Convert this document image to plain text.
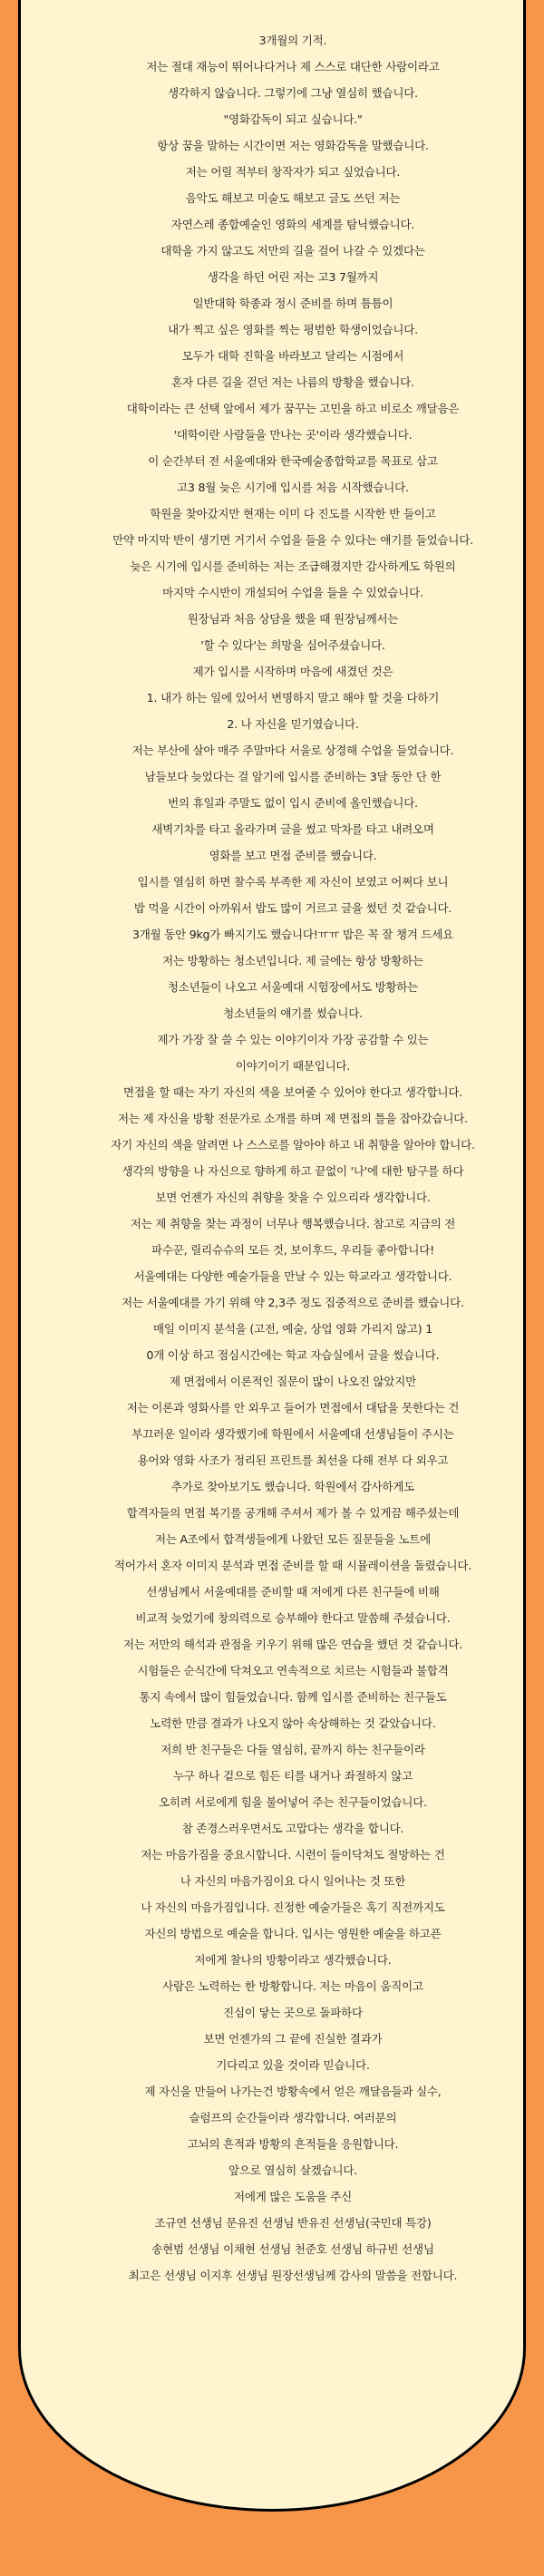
3개월의 기적.

저는 절대 재능이 뛰어나다거나 제 스스로 대단한 사람이라고

생각하지 않습니다. 그렇기에 그냥 열심히 했습니다.

"영화감독이 되고 싶습니다."

항상 꿈을 말하는 시간이면 저는 영화감독을 말했습니다.

저는 어릴 적부터 창작자가 되고 싶었습니다.

음악도 해보고 미술도 해보고 글도 쓰던 저는

자연스레 종합예술인 영화의 세계를 탐닉했습니다.

대학을 가지 않고도 저만의 길을 걸어 나갈 수 있겠다는

생각을 하던 어린 저는 고3 7월까지

일반대학 학종과 정시 준비를 하며 틈틈이

내가 찍고 싶은 영화를 찍는 평범한 학생이었습니다.

모두가 대학 진학을 바라보고 달리는 시점에서

혼자 다른 길을 걷던 저는 나름의 방황을 했습니다.

대학이라는 큰 선택 앞에서 제가 꿈꾸는 고민을 하고 비로소 깨달음은

'대학이란 사람들을 만나는 곳'이라 생각했습니다.

이 순간부터 전 서울예대와 한국예술종합학교를 목표로 삼고

고3 8월 늦은 시기에 입시를 처음 시작했습니다.

학원을 찾아갔지만 현재는 이미 다 진도를 시작한 반 들이고

만약 마지막 반이 생기면 거기서 수업을 들을 수 있다는 얘기를 들었습니다.

늦은 시기에 입시를 준비하는 저는 조급해졌지만 감사하게도 학원의

마지막 수시반이 개설되어 수업을 들을 수 있었습니다.

원장님과 처음 상담을 했을 때 원장님께서는

'할 수 있다'는 희망을 심어주셨습니다.

제가 입시를 시작하며 마음에 새겼던 것은

1. 내가 하는 일에 있어서 변명하지 말고 해야 할 것을 다하기

2. 나 자신을 믿기였습니다.

저는 부산에 살아 매주 주말마다 서울로 상경해 수업을 들었습니다.

남들보다 늦었다는 걸 알기에 입시를 준비하는 3달 동안 단 한

번의 휴일과 주말도 없이 입시 준비에 올인했습니다.

새벽기차를 타고 올라가며 글을 썼고 막차를 타고 내려오며

영화를 보고 면접 준비를 했습니다.

입시를 열심히 하면 찰수록 부족한 제 자신이 보였고 어쩌다 보니

밥 먹을 시간이 아까워서 밥도 많이 거르고 글을 썼던 것 같습니다.

3개월 동안 9kg가 빠지기도 했습니다!ㅠㅠ 밥은 꼭 잘 챙겨 드세요

저는 방황하는 청소년입니다. 제 글에는 항상 방황하는

청소년들이 나오고 서울예대 시험장에서도 방황하는

청소년들의 얘기를 썼습니다.

제가 가장 잘 쓸 수 있는 이야기이자 가장 공감할 수 있는

이야기이기 때문입니다.

면접을 할 때는 자기 자신의 색을 보여줄 수 있어야 한다고 생각합니다.

저는 제 자신을 방황 전문가로 소개를 하며 제 면접의 틀을 잡아갔습니다.

자기 자신의 색을 알려면 나 스스로를 알아야 하고 내 취향을 알아야 합니다.

생각의 방향을 나 자신으로 향하게 하고 끝없이 '나'에 대한 탐구를 하다

보면 언젠가 자신의 취향을 찾을 수 있으리라 생각합니다.

저는 제 취향을 찾는 과정이 너무나 행복했습니다. 참고로 지금의 전

파수꾼, 릴리슈슈의 모든 것, 보이후드, 우리들 좋아합니다!

서울예대는 다양한 예술가들을 만날 수 있는 학교라고 생각합니다.

저는 서울예대를 가기 위해 약 2,3주 정도 집중적으로 준비를 했습니다.

매일 이미지 분석을 (고전, 예술, 상업 영화 가리지 않고) 1

0개 이상 하고 점심시간에는 학교 자습실에서 글을 썼습니다.

제 면접에서 이론적인 질문이 많이 나오진 않았지만

저는 이론과 영화사를 안 외우고 들어가 면접에서 대답을 못한다는 건

부끄러운 일이라 생각했기에 학원에서 서울예대 선생님들이 주시는

용어와 영화 사조가 정리된 프린트를 최선을 다해 전부 다 외우고

추가로 찾아보기도 했습니다. 학원에서 감사하게도

합격자들의 면접 복기를 공개해 주셔서 제가 볼 수 있게끔 해주셨는데

저는 A조에서 합격생들에게 나왔던 모든 질문들을 노트에

적어가서 혼자 이미지 분석과 면접 준비를 할 때 시뮬레이션을 돌렸습니다.

선생님께서 서울예대를 준비할 때 저에게 다른 친구들에 비해

비교적 늦었기에 창의력으로 승부해야 한다고 말씀해 주셨습니다.

저는 저만의 해석과 관점을 키우기 위해 많은 연습을 했던 것 같습니다.

시험들은 순식간에 닥쳐오고 연속적으로 치르는 시험들과 불합격

통지 속에서 많이 힘들었습니다. 함께 입시를 준비하는 친구들도

노력한 만큼 결과가 나오지 않아 속상해하는 것 같았습니다.

저희 반 친구들은 다들 열심히, 끝까지 하는 친구들이라

누구 하나 겉으로 힘든 티를 내거나 좌절하지 않고

오히려 서로에게 힘을 불어넣어 주는 친구들이었습니다.

참 존경스러우면서도 고맙다는 생각을 합니다.

저는 마음가짐을 중요시합니다. 시련이 들이닥쳐도 절망하는 건

나 자신의 마음가짐이요 다시 일어나는 것 또한

나 자신의 마음가짐입니다. 진정한 예술가들은 혹기 직전까지도

자신의 방법으로 예술을 합니다. 입시는 영원한 예술을 하고픈

저에게 찰나의 방황이라고 생각했습니다.

사람은 노력하는 한 방황합니다. 저는 마음이 움직이고

진심이 닿는 곳으로 돌파하다

보면 언젠가의 그 끝에 진실한 결과가

기다리고 있을 것이라 믿습니다.

제 자신을 만들어 나가는건 방황속에서 얻은 깨달음들과 실수,

슬럼프의 순간들이라 생각합니다. 여러분의

고뇌의 흔적과 방황의 흔적들을 응원합니다.

앞으로 열심히 살겠습니다.

저에게 많은 도움을 주신

조규연 선생님 문유진 선생님 반유진 선생님(국민대 특강)

송현범 선생님 이채현 선생님 천준호 선생님 하규빈 선생님

최고은 선생님 이지후 선생님 원장선생님께 감사의 말씀을 전합니다.
